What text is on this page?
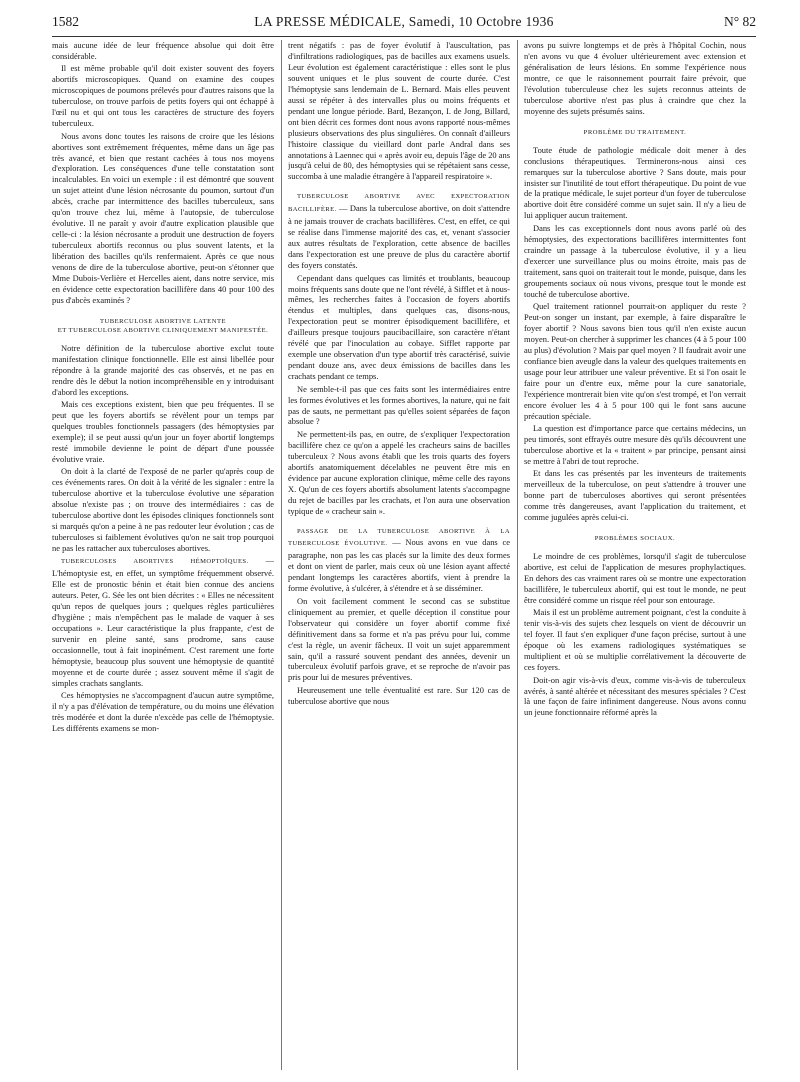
1582	LA PRESSE MÉDICALE, Samedi, 10 Octobre 1936	N° 82

mais aucune idée de leur fréquence absolue qui doit être considérable.

Il est même probable qu'il doit exister souvent des foyers abortifs microscopiques. Quand on examine des coupes microscopiques de poumons prélevés pour d'autres raisons que la tuberculose, on trouve parfois de petits foyers qui ont échappé à l'œil nu et qui ont tous les caractères de structure des foyers tuberculeux.

Nous avons donc toutes les raisons de croire que les lésions abortives sont extrêmement fréquentes, même dans un âge pas très avancé, et bien que restant cachées à tous nos moyens d'exploration. Les conséquences d'une telle constatation sont incalculables. En voici un exemple : il est démontré que souvent un sujet atteint d'une lésion nécrosante du poumon, surtout d'un abcès, crache par intermittence des bacilles tuberculeux, sans qu'on trouve chez lui, même à l'autopsie, de tuberculose évolutive. Il ne paraît y avoir d'autre explication plausible que celle-ci : la lésion nécrosante a produit une destruction de foyers tuberculeux abortifs reconnus ou plus souvent latents, et la libération des bacilles qu'ils renfermaient. Après ce que nous venons de dire de la tuberculose abortive, peut-on s'étonner que Mme Dubois-Verlière et Hercelles aient, dans notre service, mis en évidence cette expectoration bacillifère dans 40 pour 100 des pus d'abcès examinés ?

TUBERCULOSE ABORTIVE LATENTE
ET TUBERCULOSE ABORTIVE CLINIQUEMENT MANIFESTÉE.

Notre définition de la tuberculose abortive exclut toute manifestation clinique fonctionnelle. Elle est ainsi libellée pour répondre à la grande majorité des cas observés, et ne pas en rendre dès le début la notion incompréhensible en y introduisant d'abord les exceptions.

Mais ces exceptions existent, bien que peu fréquentes. Il se peut que les foyers abortifs se révèlent pour un temps par quelques troubles fonctionnels passagers (des hémoptysies par exemple); il se peut aussi qu'un jour un foyer abortif longtemps resté immobile devienne le point de départ d'une poussée évolutive vraie.

On doit à la clarté de l'exposé de ne parler qu'après coup de ces événements rares. On doit à la vérité de les signaler : entre la tuberculose abortive et la tuberculose évolutive une séparation absolue n'existe pas ; on trouve des intermédiaires : cas de tuberculose abortive dont les épisodes cliniques fonctionnels sont si marqués qu'on a peine à ne pas redouter leur évolution ; cas de tuberculoses si faiblement évolutives qu'on ne sait trop pourquoi ne pas les rattacher aux tuberculoses abortives.

TUBERCULOSES ABORTIVES HÉMOPTOÏQUES. — L'hémoptysie est, en effet, un symptôme fréquemment observé. Elle est de pronostic bénin et était bien connue des anciens auteurs. Peter, G. Sée les ont bien décrites : « Elles ne nécessitent qu'un repos de quelques jours ; quelques règles particulières d'hygiène ; mais n'empêchent pas le malade de vaquer à ses occupations ». Leur caractéristique la plus frappante, c'est de survenir en pleine santé, sans prodrome, sans cause occasionnelle, tout à fait inopinément. C'est rarement une forte hémoptysie, beaucoup plus souvent une hémoptysie de quantité moyenne et de courte durée ; assez souvent même il s'agit de simples crachats sanglants.

Ces hémoptysies ne s'accompagnent d'aucun autre symptôme, il n'y a pas d'élévation de température, ou du moins une élévation très modérée et dont la durée n'excède pas celle de l'hémoptysie. Les différents examens se mon-

trent négatifs : pas de foyer évolutif à l'auscultation, pas d'infiltrations radiologiques, pas de bacilles aux examens usuels. Leur évolution est également caractéristique : elles sont le plus souvent uniques et le plus souvent de courte durée. C'est l'hémoptysie sans lendemain de L. Bernard. Mais elles peuvent aussi se répéter à des intervalles plus ou moins fréquents et pendant une longue période. Bard, Bezançon, I. de Jong, Billard, ont bien décrit ces formes dont nous avons rapporté nous-mêmes plusieurs observations des plus singulières. On connaît d'ailleurs l'histoire classique du vieillard dont parle Andral dans ses annotations à Laennec qui « après avoir eu, depuis l'âge de 20 ans jusqu'à celui de 80, des hémoptysies qui se répétaient sans cesse, succomba à une maladie étrangère à l'appareil respiratoire ».

TUBERCULOSE ABORTIVE AVEC EXPECTORATION BACILLIFÈRE. — Dans la tuberculose abortive, on doit s'attendre à ne jamais trouver de crachats bacillifères. C'est, en effet, ce qui se réalise dans l'immense majorité des cas, et, venant s'associer aux autres résultats de l'exploration, cette absence de bacilles dans l'expectoration est une preuve de plus du caractère abortif des foyers constatés.

Cependant dans quelques cas limités et troublants, beaucoup moins fréquents sans doute que ne l'ont révélé, à Sifflet et à nous-mêmes, les recherches faites à l'occasion de foyers abortifs étendus et multiples, dans quelques cas, disons-nous, l'expectoration peut se montrer épisodiquement bacillifère, et d'ailleurs presque toujours paucibacillaire, son caractère n'étant révélé que par l'inoculation au cobaye. Sifflet rapporte par exemple une observation d'un type abortif très caractérisé, suivie pendant douze ans, avec deux émissions de bacilles dans les crachats pendant ce temps.

Ne semble-t-il pas que ces faits sont les intermédiaires entre les formes évolutives et les formes abortives, la nature, qui ne fait pas de sauts, ne permettant pas qu'elles soient séparées de façon absolue ?

Ne permettent-ils pas, en outre, de s'expliquer l'expectoration bacillifère chez ce qu'on a appelé les cracheurs sains de bacilles tuberculeux ? Nous avons établi que les trois quarts des foyers abortifs anatomiquement décelables ne peuvent être mis en évidence par aucune exploration clinique, même celle des rayons X. Qu'un de ces foyers abortifs absolument latents s'accompagne du rejet de bacilles par les crachats, et l'on aura une observation typique de « cracheur sain ».

PASSAGE DE LA TUBERCULOSE ABORTIVE À LA TUBERCULOSE ÉVOLUTIVE. — Nous avons en vue dans ce paragraphe, non pas les cas placés sur la limite des deux formes et dont on vient de parler, mais ceux où une lésion ayant affecté pendant longtemps les caractères abortifs, vient à prendre la forme évolutive, à s'ulcérer, à s'étendre et à se disséminer.

On voit facilement comment le second cas se substitue cliniquement au premier, et quelle déception il constitue pour l'observateur qui considère un foyer abortif comme fixé définitivement dans sa forme et n'a pas prévu pour lui, comme c'est la règle, un avenir fâcheux. Il voit un sujet apparemment sain, qu'il a rassuré souvent pendant des années, devenir un tuberculeux évolutif parfois grave, et se reproche de n'avoir pas pris pour lui de mesures préventives.

Heureusement une telle éventualité est rare. Sur 120 cas de tuberculose abortive que nous

avons pu suivre longtemps et de près à l'hôpital Cochin, nous n'en avons vu que 4 évoluer ultérieurement avec extension et généralisation de leurs lésions. En somme l'expérience nous montre, ce que le raisonnement pourrait faire prévoir, que l'évolution tuberculeuse chez les sujets reconnus atteints de tuberculose abortive n'est pas plus à craindre que chez la moyenne des sujets présumés sains.

PROBLÈME DU TRAITEMENT.

Toute étude de pathologie médicale doit mener à des conclusions thérapeutiques. Terminerons-nous ainsi ces remarques sur la tuberculose abortive ? Sans doute, mais pour insister sur l'inutilité de tout effort thérapeutique. Du point de vue de la pratique médicale, le sujet porteur d'un foyer de tuberculose abortive doit être considéré comme un sujet sain. Il n'y a lieu de lui appliquer aucun traitement.

Dans les cas exceptionnels dont nous avons parlé où des hémoptysies, des expectorations bacillifères intermittentes font craindre un passage à la tuberculose évolutive, il y a lieu d'exercer une surveillance plus ou moins étroite, mais pas de traitement, sans quoi on traiterait tout le monde, puisque, dans les groupements sociaux où nous vivons, presque tout le monde est touché de tuberculose abortive.

Quel traitement rationnel pourrait-on appliquer du reste ? Peut-on songer un instant, par exemple, à faire disparaître le foyer abortif ? Nous savons bien tous qu'il n'en existe aucun moyen. Peut-on chercher à supprimer les chances (4 à 5 pour 100 au plus) d'évolution ? Mais par quel moyen ? Il faudrait avoir une confiance bien aveugle dans la valeur des quelques traitements en usage pour leur attribuer une valeur préventive. Et si l'on osait le faire pour un d'entre eux, même pour la cure sanatoriale, l'expérience montrerait bien vite qu'on s'est trompé, et l'on verrait encore évoluer les 4 à 5 pour 100 qui le font sans aucune précaution spéciale.

La question est d'importance parce que certains médecins, un peu timorés, sont effrayés outre mesure dès qu'ils découvrent une tuberculose abortive et la « traitent » par principe, pensant ainsi se mettre à l'abri de tout reproche.

Et dans les cas présentés par les inventeurs de traitements merveilleux de la tuberculose, on peut s'attendre à trouver une bonne part de tuberculoses abortives qui seront présentées comme très dangereuses, avant l'application du traitement, et comme jugulées après celui-ci.

PROBLÈMES SOCIAUX.

Le moindre de ces problèmes, lorsqu'il s'agit de tuberculose abortive, est celui de l'application de mesures prophylactiques. En dehors des cas vraiment rares où se montre une expectoration bacillifère, le tuberculeux abortif, qui est tout le monde, ne peut être considéré comme un risque réel pour son entourage.

Mais il est un problème autrement poignant, c'est la conduite à tenir vis-à-vis des sujets chez lesquels on vient de découvrir un tel foyer. Il faut s'en expliquer d'une façon précise, surtout à une époque où les examens radiologiques systématiques se multiplient et où se multiplie corrélativement la découverte de ces foyers.

Doit-on agir vis-à-vis d'eux, comme vis-à-vis de tuberculeux avérés, à santé altérée et nécessitant des mesures spéciales ? C'est là une façon de faire infiniment dangereuse. Nous avons connu un jeune fonctionnaire réformé après la
